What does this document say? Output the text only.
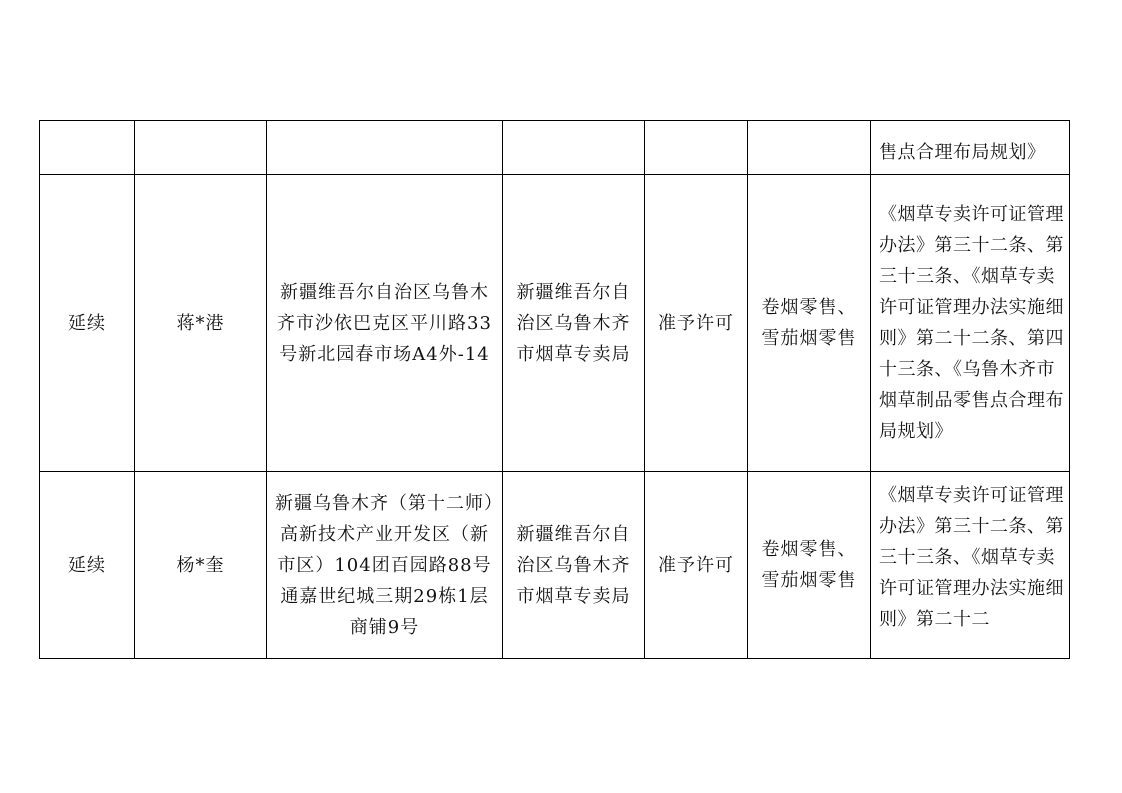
						售点合理布局规划》

延续	蒋*港	新疆维吾尔自治区乌鲁木齐市沙依巴克区平川路33号新北园春市场A4外-14	新疆维吾尔自治区乌鲁木齐市烟草专卖局	准予许可	卷烟零售、雪茄烟零售	《烟草专卖许可证管理办法》第三十二条、第三十三条、《烟草专卖许可证管理办法实施细则》第二十二条、第四十三条、《乌鲁木齐市烟草制品零售点合理布局规划》

延续	杨*奎	新疆乌鲁木齐（第十二师）高新技术产业开发区（新市区）104团百园路88号通嘉世纪城三期29栋1层商铺9号	新疆维吾尔自治区乌鲁木齐市烟草专卖局	准予许可	卷烟零售、雪茄烟零售	《烟草专卖许可证管理办法》第三十二条、第三十三条、《烟草专卖许可证管理办法实施细则》第二十二
